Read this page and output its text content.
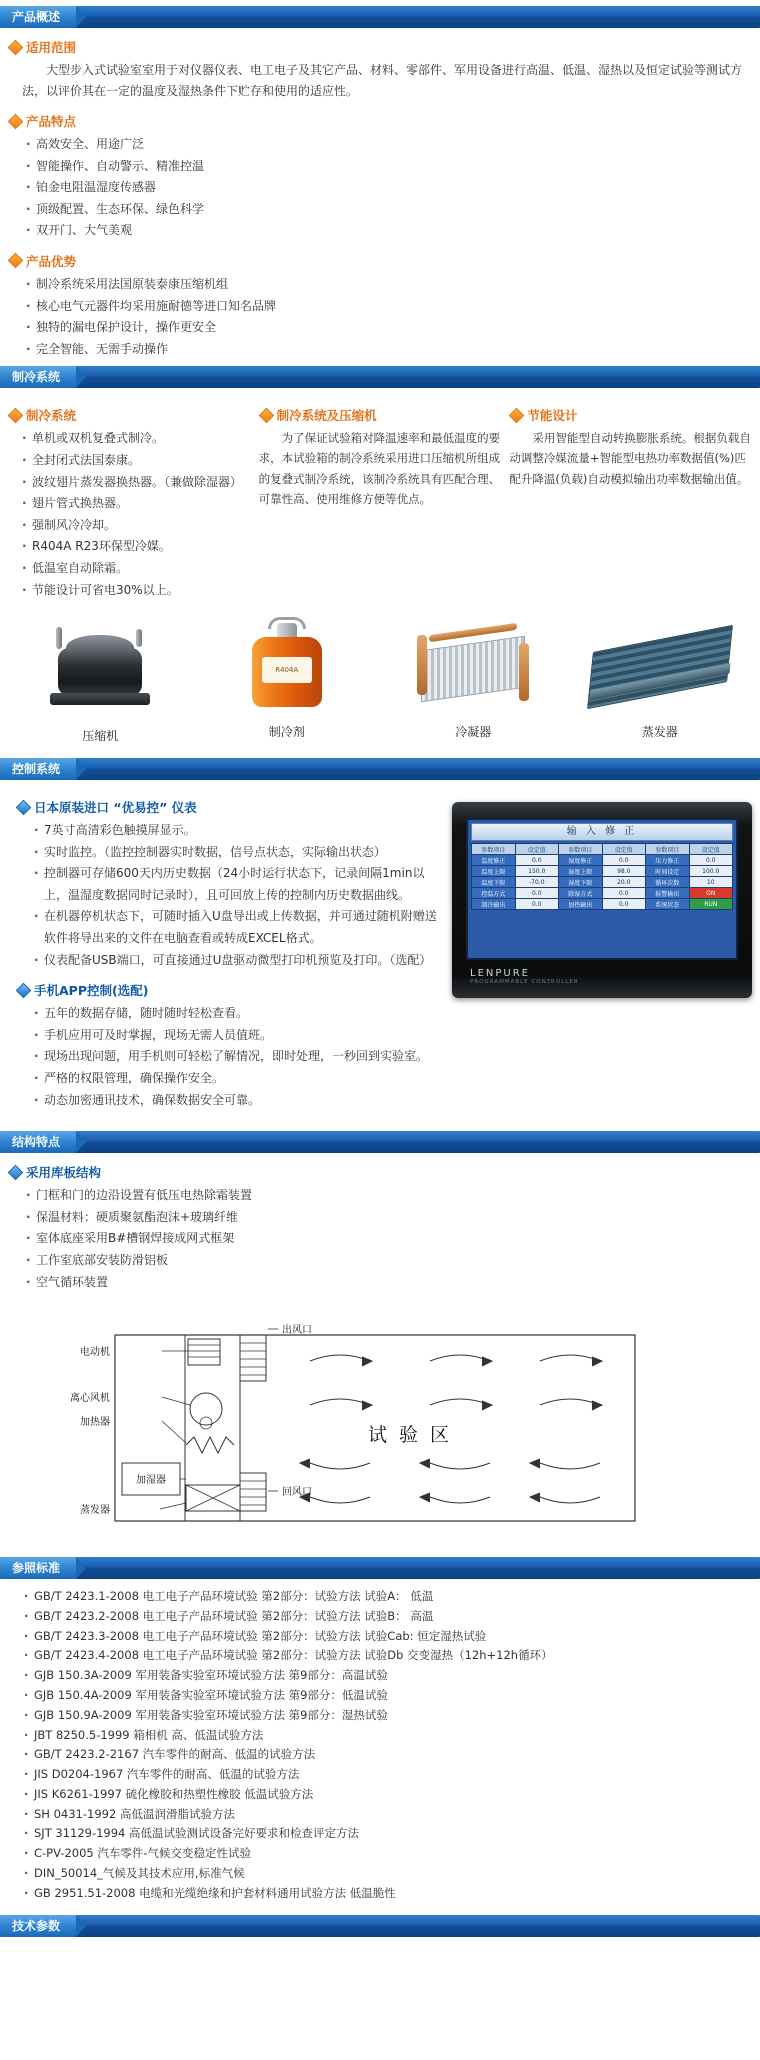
产品概述
适用范围
大型步入式试验室室用于对仪器仪表、电工电子及其它产品、材料、零部件、军用设备进行高温、低温、湿热以及恒定试验等测试方法，以评价其在一定的温度及湿热条件下贮存和使用的适应性。
产品特点
· 高效安全、用途广泛
· 智能操作、自动警示、精准控温
· 铂金电阻温湿度传感器
· 顶级配置、生态环保、绿色科学
· 双开门、大气美观
产品优势
· 制冷系统采用法国原装泰康压缩机组
· 核心电气元器件均采用施耐德等进口知名品牌
· 独特的漏电保护设计，操作更安全
· 完全智能、无需手动操作
制冷系统
制冷系统
· 单机或双机复叠式制冷。
· 全封闭式法国泰康。
· 波纹翅片蒸发器换热器。（兼做除湿器）
· 翅片管式换热器。
· 强制风冷冷却。
· R404A R23环保型冷媒。
· 低温室自动除霜。
· 节能设计可省电30%以上。
制冷系统及压缩机
为了保证试验箱对降温速率和最低温度的要求，本试验箱的制冷系统采用进口压缩机所组成的复叠式制冷系统，该制冷系统具有匹配合理、可靠性高、使用维修方便等优点。
节能设计
采用智能型自动转换膨胀系统。根据负载自动调整冷媒流量+智能型电热功率数据值(%)匹配升降温(负载)自动模拟输出功率数据输出值。
压缩机
R404A
制冷剂	冷凝器	蒸发器
控制系统
日本原装进口 “优易控” 仪表
· 7英寸高清彩色触摸屏显示。
· 实时监控。（监控控制器实时数据，信号点状态，实际输出状态）
· 控制器可存储600天内历史数据（24小时运行状态下，记录间隔1min以上，温湿度数据同时记录时），且可回放上传的控制内历史数据曲线。
· 在机器停机状态下，可随时插入U盘导出或上传数据，并可通过随机附赠送软件将导出来的文件在电脑查看或转成EXCEL格式。
· 仪表配备USB端口，可直接通过U盘驱动微型打印机预览及打印。（选配）
手机APP控制(选配)
· 五年的数据存储，随时随时轻松查看。
· 手机应用可及时掌握，现场无需人员值班。
· 现场出现问题，用手机则可轻松了解情况，即时处理，一秒回到实验室。
· 严格的权限管理，确保操作安全。
· 动态加密通讯技术，确保数据安全可靠。
输 入 修 正
参数项目	设定值	参数项目	设定值	参数项目	设定值
温度修正	0.0	湿度修正	0.0	压力修正	0.0
温度上限	150.0	湿度上限	98.0	时间设定	100.0
温度下限	-70.0	湿度下限	20.0	循环次数	10
控温方式	0.0	除湿方式	0.0	报警输出	ON
制冷输出	0.0	加热输出	0.0	系统状态	RUN
LENPURE
PROGRAMMABLE CONTROLLER
结构特点
采用库板结构
· 门框和门的边沿设置有低压电热除霜装置
· 保温材料：硬质聚氨酯泡沫+玻璃纤维
· 室体底座采用B#槽钢焊接成网式框架
· 工作室底部安装防滑铝板
· 空气循环装置
电动机
离心风机
加热器
加湿器
蒸发器
出风口
回风口
试 验 区
参照标准
· GB/T 2423.1-2008 电工电子产品环境试验 第2部分：试验方法 试验A： 低温
· GB/T 2423.2-2008 电工电子产品环境试验 第2部分：试验方法 试验B： 高温
· GB/T 2423.3-2008 电工电子产品环境试验 第2部分：试验方法 试验Cab: 恒定湿热试验
· GB/T 2423.4-2008 电工电子产品环境试验 第2部分：试验方法 试验Db 交变湿热（12h+12h循环）
· GJB 150.3A-2009 军用装备实验室环境试验方法 第9部分：高温试验
· GJB 150.4A-2009 军用装备实验室环境试验方法 第9部分：低温试验
· GJB 150.9A-2009 军用装备实验室环境试验方法 第9部分：湿热试验
· JBT 8250.5-1999 箱相机 高、低温试验方法
· GB/T 2423.2-2167 汽车零件的耐高、低温的试验方法
· JIS D0204-1967 汽车零件的耐高、低温的试验方法
· JIS K6261-1997 硫化橡胶和热塑性橡胶 低温试验方法
· SH 0431-1992 高低温润滑脂试验方法
· SJT 31129-1994 高低温试验测试设备完好要求和检查评定方法
· C-PV-2005 汽车零件-气候交变稳定性试验
· DIN_50014_气候及其技术应用,标准气候
· GB 2951.51-2008 电缆和光缆绝缘和护套材料通用试验方法 低温脆性
技术参数
